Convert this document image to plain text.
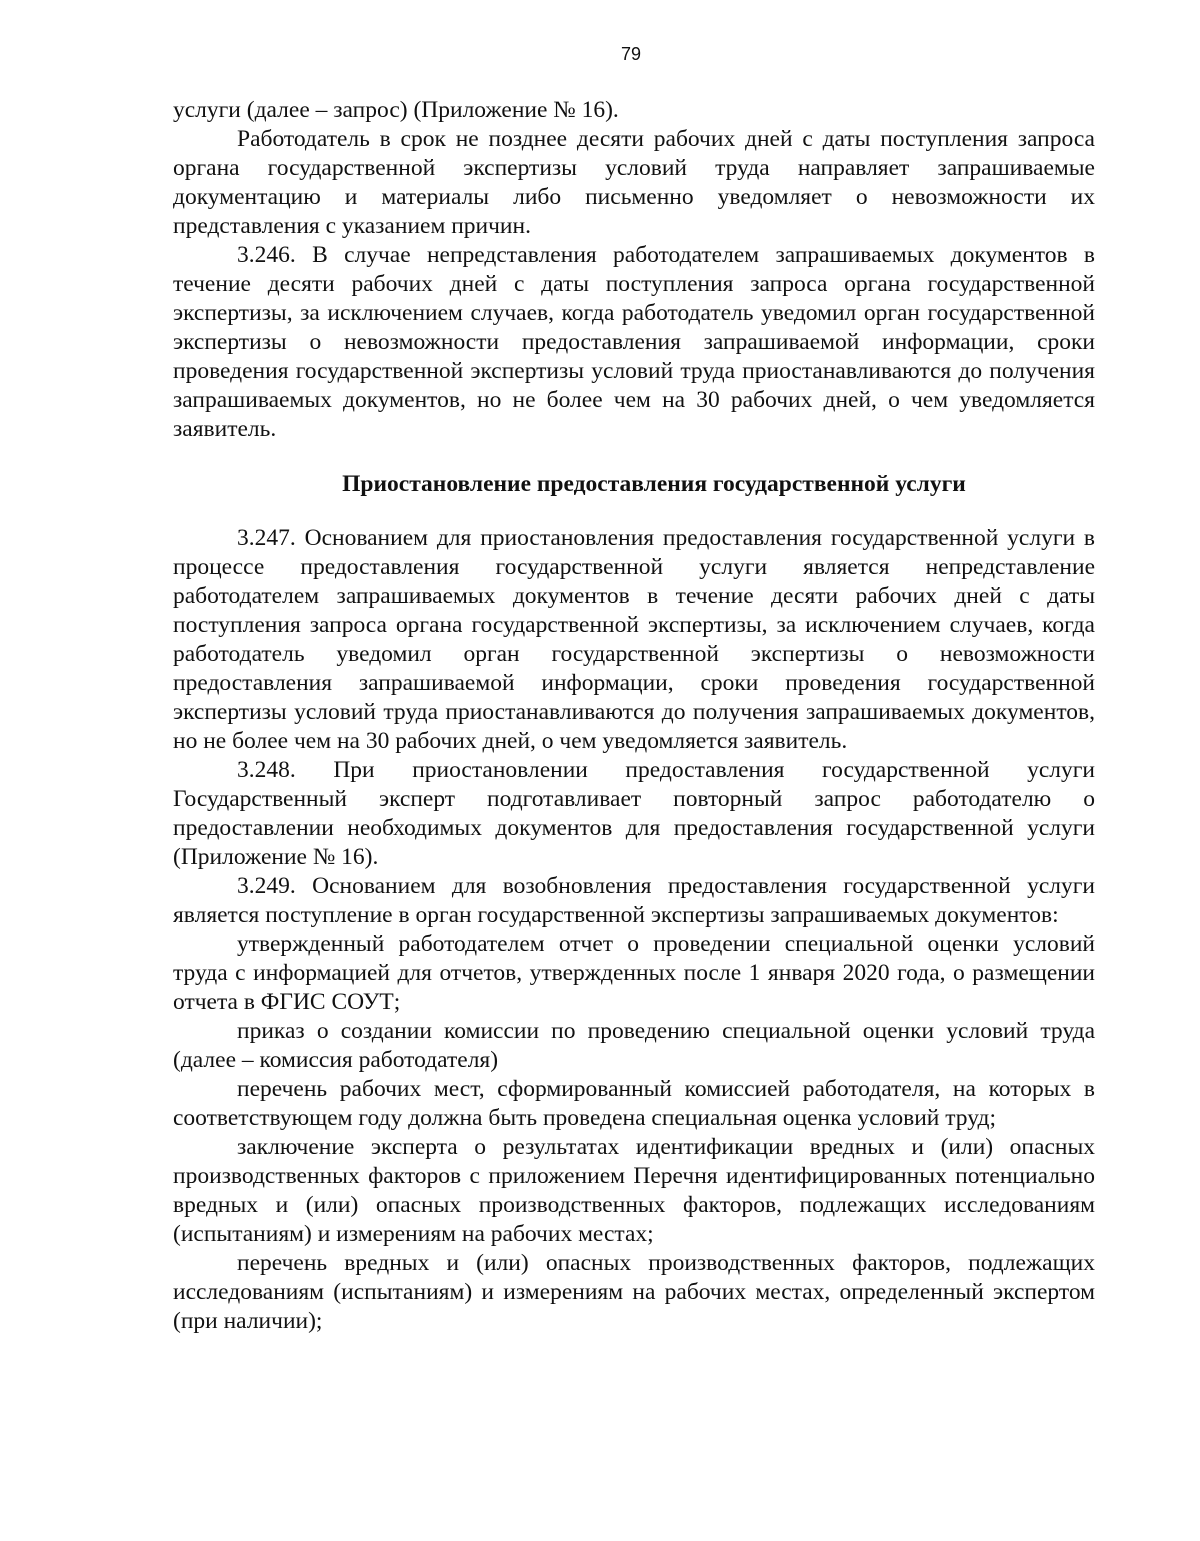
79

услуги (далее – запрос) (Приложение № 16).

Работодатель в срок не позднее десяти рабочих дней с даты поступления запроса органа государственной экспертизы условий труда направляет запрашиваемые документацию и материалы либо письменно уведомляет о невозможности их представления с указанием причин.

3.246. В случае непредставления работодателем запрашиваемых документов в течение десяти рабочих дней с даты поступления запроса органа государственной экспертизы, за исключением случаев, когда работодатель уведомил орган государственной экспертизы о невозможности предоставления запрашиваемой информации, сроки проведения государственной экспертизы условий труда приостанавливаются до получения запрашиваемых документов, но не более чем на 30 рабочих дней, о чем уведомляется заявитель.

Приостановление предоставления государственной услуги

3.247. Основанием для приостановления предоставления государственной услуги в процессе предоставления государственной услуги является непредставление работодателем запрашиваемых документов в течение десяти рабочих дней с даты поступления запроса органа государственной экспертизы, за исключением случаев, когда работодатель уведомил орган государственной экспертизы о невозможности предоставления запрашиваемой информации, сроки проведения государственной экспертизы условий труда приостанавливаются до получения запрашиваемых документов, но не более чем на 30 рабочих дней, о чем уведомляется заявитель.

3.248. При приостановлении предоставления государственной услуги Государственный эксперт подготавливает повторный запрос работодателю о предоставлении необходимых документов для предоставления государственной услуги (Приложение № 16).

3.249. Основанием для возобновления предоставления государственной услуги является поступление в орган государственной экспертизы запрашиваемых документов:

утвержденный работодателем отчет о проведении специальной оценки условий труда с информацией для отчетов, утвержденных после 1 января 2020 года, о размещении отчета в ФГИС СОУТ;

приказ о создании комиссии по проведению специальной оценки условий труда (далее – комиссия работодателя)

перечень рабочих мест, сформированный комиссией работодателя, на которых в соответствующем году должна быть проведена специальная оценка условий труд;

заключение эксперта о результатах идентификации вредных и (или) опасных производственных факторов с приложением Перечня идентифицированных потенциально вредных и (или) опасных производственных факторов, подлежащих исследованиям (испытаниям) и измерениям на рабочих местах;

перечень вредных и (или) опасных производственных факторов, подлежащих исследованиям (испытаниям) и измерениям на рабочих местах, определенный экспертом (при наличии);
